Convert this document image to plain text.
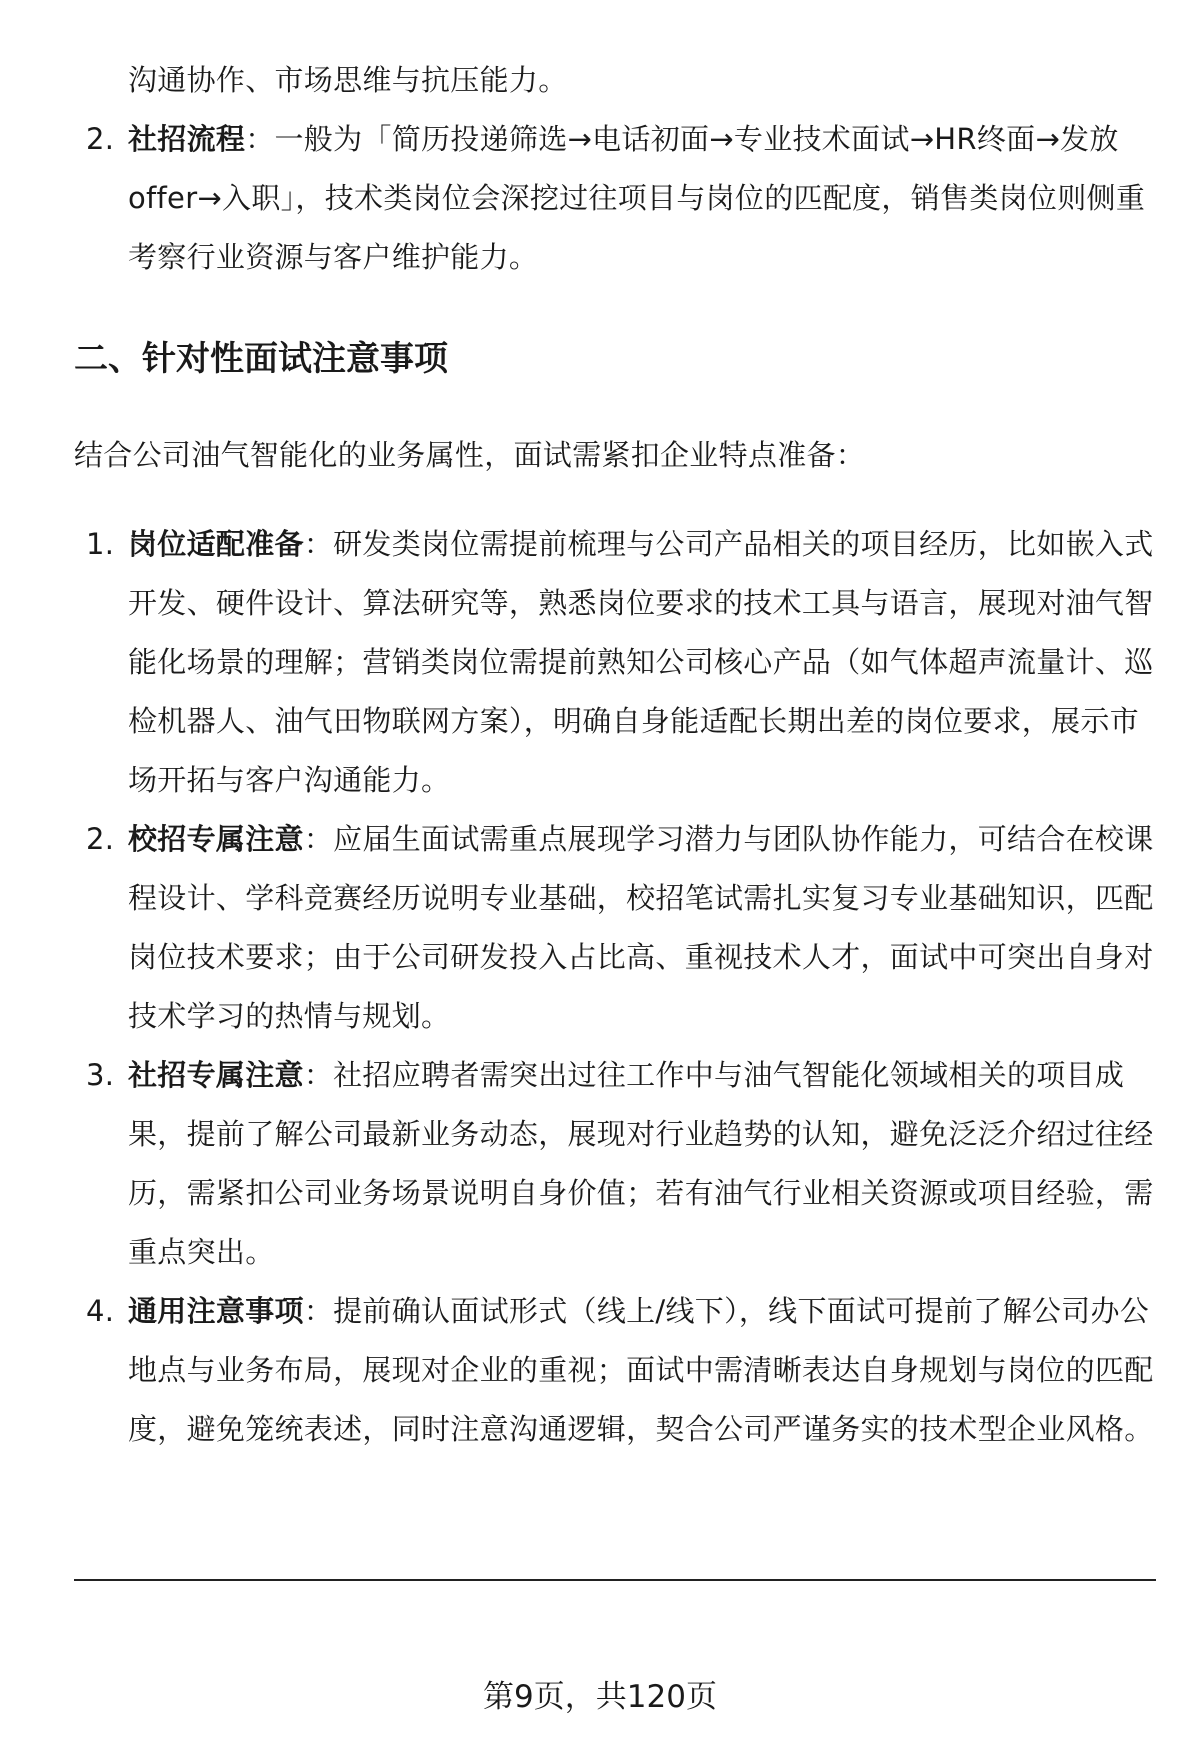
沟通协作、市场思维与抗压能力。

2. 社招流程：一般为「简历投递筛选→电话初面→专业技术面试→HR终面→发放offer→入职」，技术类岗位会深挖过往项目与岗位的匹配度，销售类岗位则侧重考察行业资源与客户维护能力。
二、针对性面试注意事项

结合公司油气智能化的业务属性，面试需紧扣企业特点准备：

1. 岗位适配准备：研发类岗位需提前梳理与公司产品相关的项目经历，比如嵌入式开发、硬件设计、算法研究等，熟悉岗位要求的技术工具与语言，展现对油气智能化场景的理解；营销类岗位需提前熟知公司核心产品（如气体超声流量计、巡检机器人、油气田物联网方案），明确自身能适配长期出差的岗位要求，展示市场开拓与客户沟通能力。
2. 校招专属注意：应届生面试需重点展现学习潜力与团队协作能力，可结合在校课程设计、学科竞赛经历说明专业基础，校招笔试需扎实复习专业基础知识，匹配岗位技术要求；由于公司研发投入占比高、重视技术人才，面试中可突出自身对技术学习的热情与规划。
3. 社招专属注意：社招应聘者需突出过往工作中与油气智能化领域相关的项目成果，提前了解公司最新业务动态，展现对行业趋势的认知，避免泛泛介绍过往经历，需紧扣公司业务场景说明自身价值；若有油气行业相关资源或项目经验，需重点突出。
4. 通用注意事项：提前确认面试形式（线上/线下），线下面试可提前了解公司办公地点与业务布局，展现对企业的重视；面试中需清晰表达自身规划与岗位的匹配度，避免笼统表述，同时注意沟通逻辑，契合公司严谨务实的技术型企业风格。
第9页，共120页
